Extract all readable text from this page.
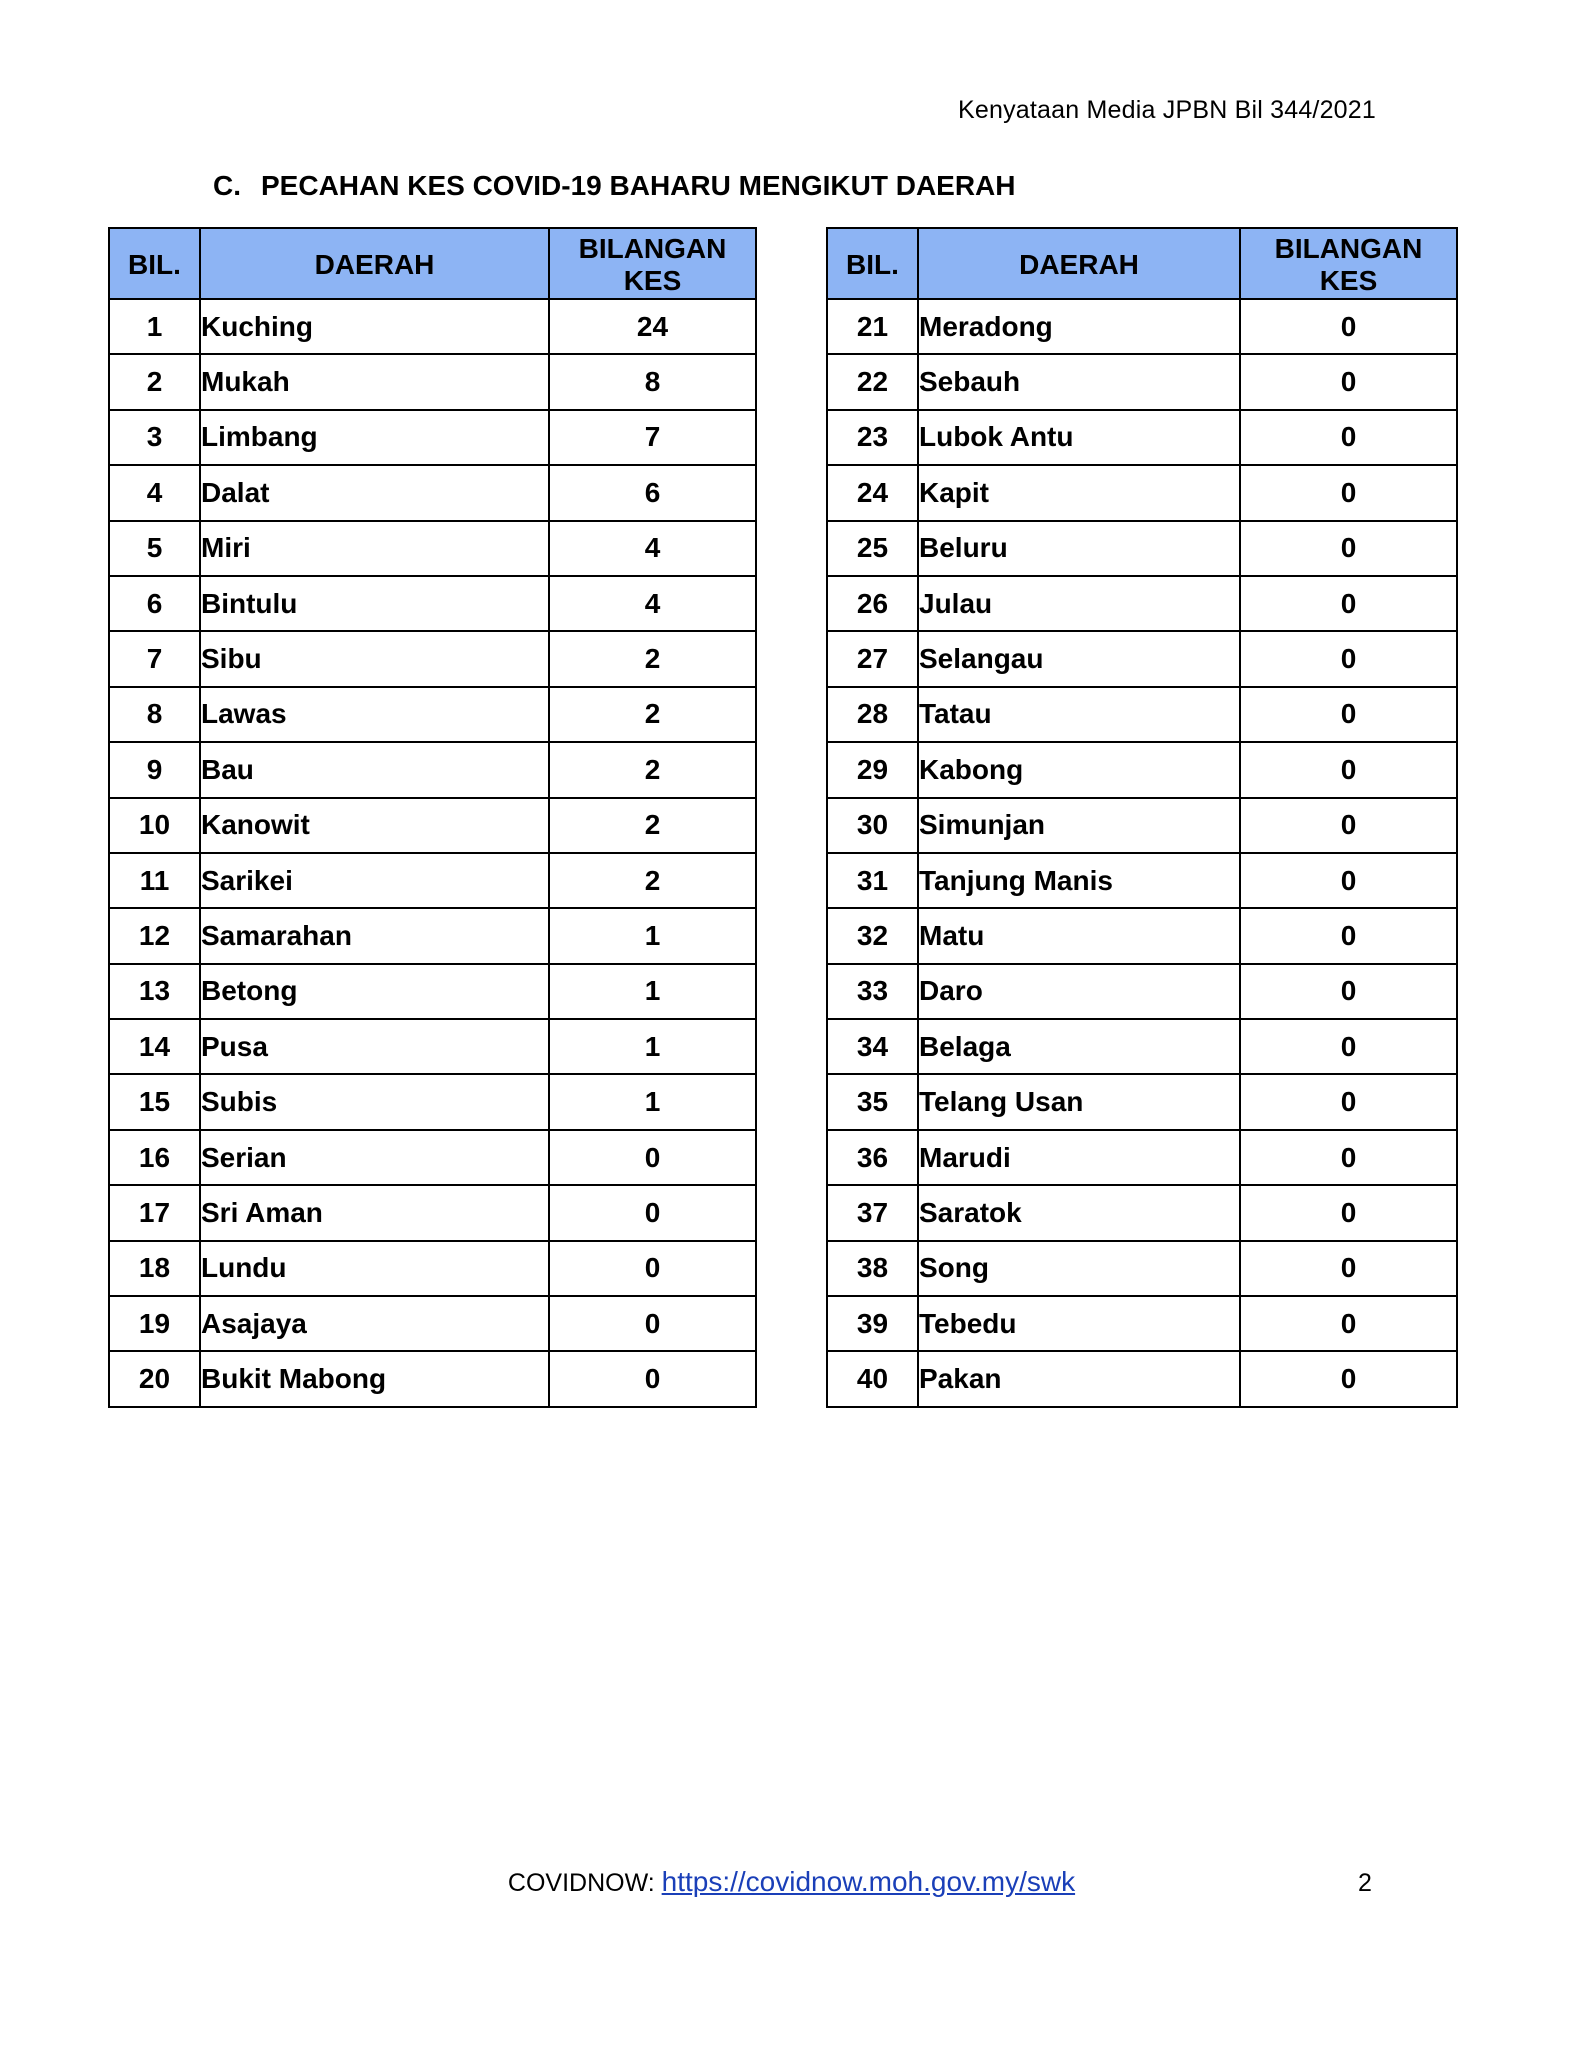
Kenyataan Media JPBN Bil 344/2021
C. PECAHAN KES COVID-19 BAHARU MENGIKUT DAERAH
BIL.	DAERAH	BILANGAN
KES
1	Kuching	24
2	Mukah	8
3	Limbang	7
4	Dalat	6
5	Miri	4
6	Bintulu	4
7	Sibu	2
8	Lawas	2
9	Bau	2
10	Kanowit	2
11	Sarikei	2
12	Samarahan	1
13	Betong	1
14	Pusa	1
15	Subis	1
16	Serian	0
17	Sri Aman	0
18	Lundu	0
19	Asajaya	0
20	Bukit Mabong	0
BIL.	DAERAH	BILANGAN
KES
21	Meradong	0
22	Sebauh	0
23	Lubok Antu	0
24	Kapit	0
25	Beluru	0
26	Julau	0
27	Selangau	0
28	Tatau	0
29	Kabong	0
30	Simunjan	0
31	Tanjung Manis	0
32	Matu	0
33	Daro	0
34	Belaga	0
35	Telang Usan	0
36	Marudi	0
37	Saratok	0
38	Song	0
39	Tebedu	0
40	Pakan	0
COVIDNOW: https://covidnow.moh.gov.my/swk	2
